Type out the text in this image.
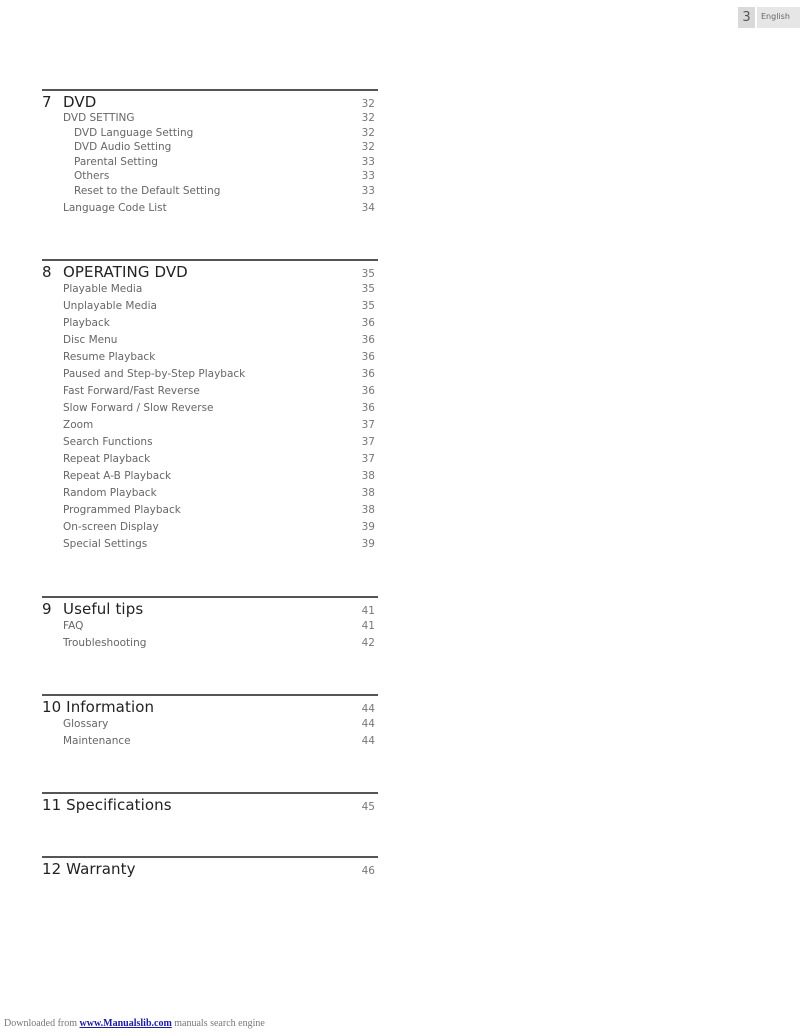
3	English
7 DVD	32
DVD SETTING	32
DVD Language Setting	32
DVD Audio Setting	32
Parental Setting	33
Others	33
Reset to the Default Setting	33
Language Code List	34
8 OPERATING DVD	35
Playable Media	35
Unplayable Media	35
Playback	36
Disc Menu	36
Resume Playback	36
Paused and Step-by-Step Playback	36
Fast Forward/Fast Reverse	36
Slow Forward / Slow Reverse	36
Zoom	37
Search Functions	37
Repeat Playback	37
Repeat A-B Playback	38
Random Playback	38
Programmed Playback	38
On-screen Display	39
Special Settings	39
9 Useful tips	41
FAQ	41
Troubleshooting	42
10 Information	44
Glossary	44
Maintenance	44
11 Specifications	45
12 Warranty	46
Downloaded from www.Manualslib.com manuals search engine
